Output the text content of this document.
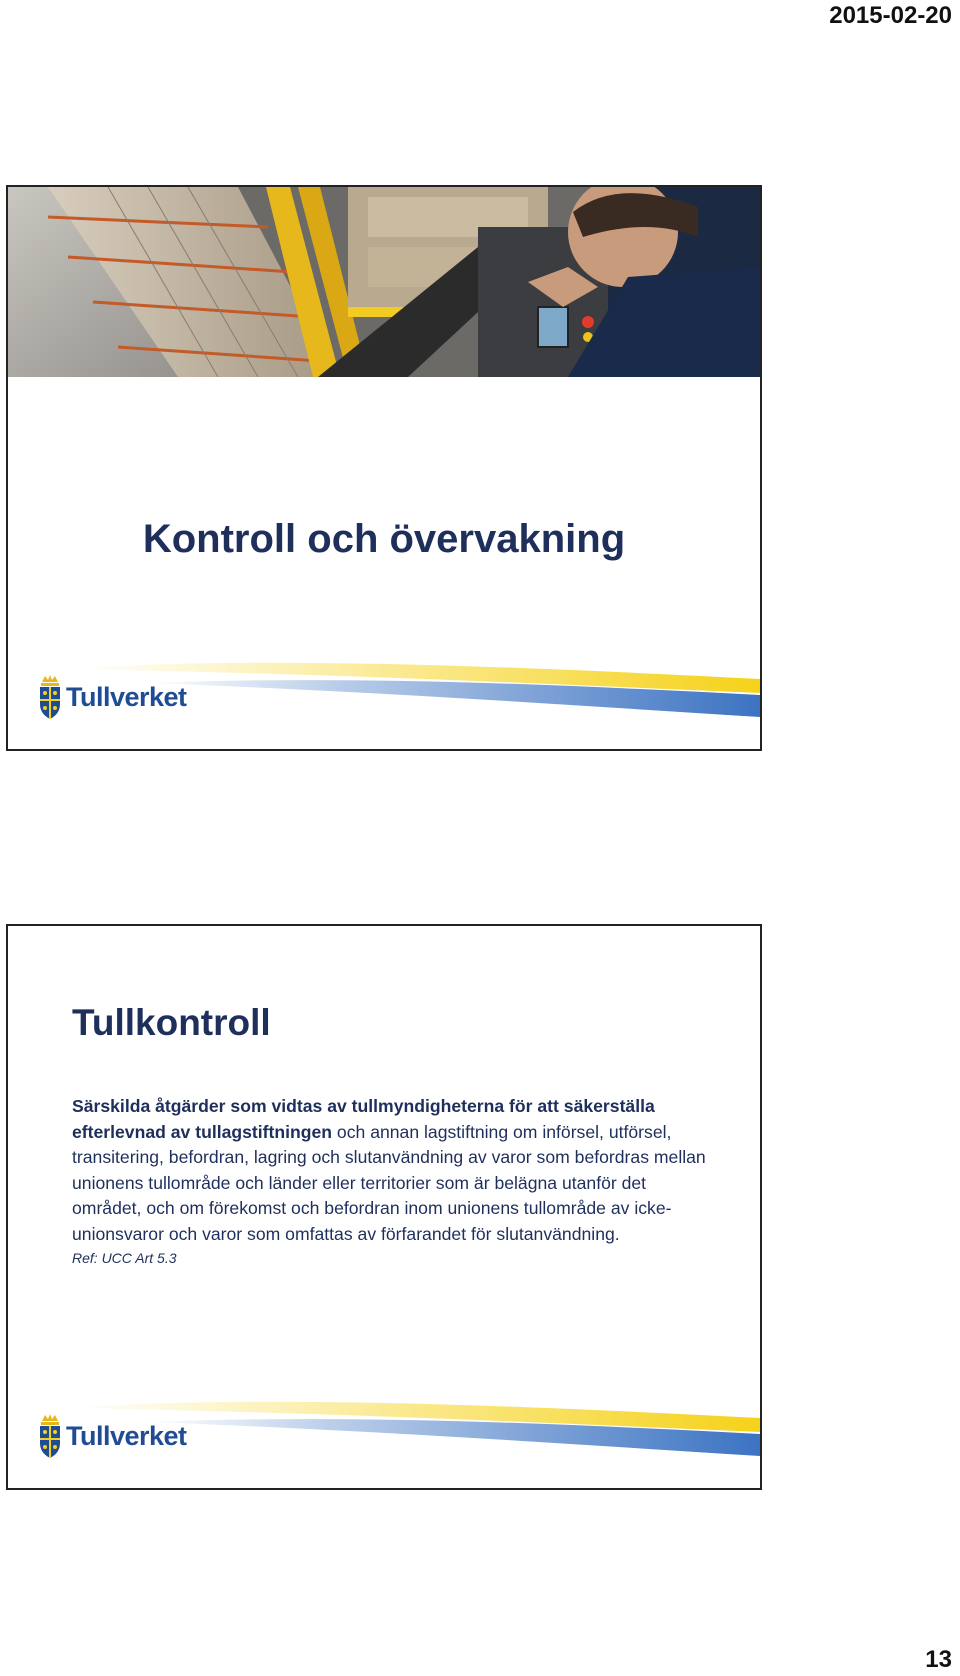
2015-02-20
Kontroll och övervakning
Tullverket
Tullkontroll
Särskilda åtgärder som vidtas av tullmyndigheterna för att säkerställa efterlevnad av tullagstiftningen och annan lagstiftning om införsel, utförsel, transitering, befordran, lagring och slutanvändning av varor som befordras mellan unionens tullområde och länder eller territorier som är belägna utanför det området, och om förekomst och befordran inom unionens tullområde av icke-unionsvaror och varor som omfattas av förfarandet för slutanvändning.
Ref: UCC Art 5.3
Tullverket
13
